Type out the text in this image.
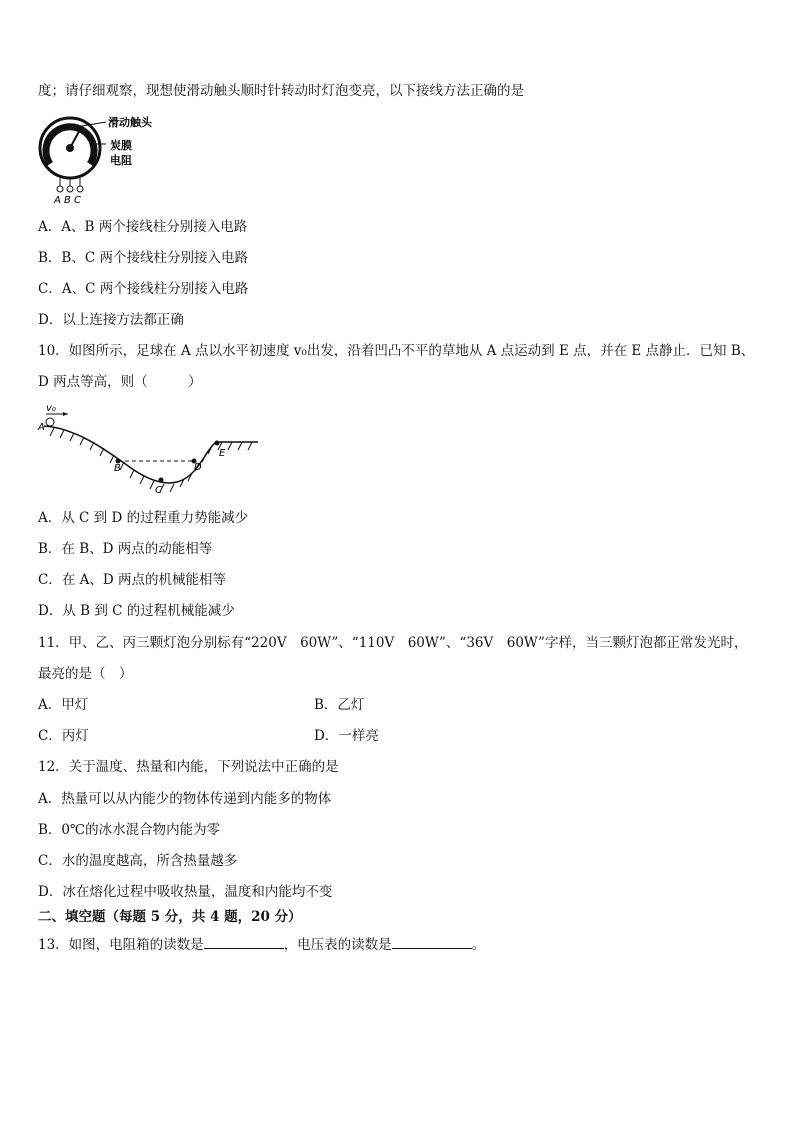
度；请仔细观察，现想使滑动触头顺时针转动时灯泡变亮，以下接线方法正确的是
滑动触头
炭膜
电阻
A B C
A．A、B 两个接线柱分别接入电路
B．B、C 两个接线柱分别接入电路
C．A、C 两个接线柱分别接入电路
D．以上连接方法都正确
10．如图所示，足球在 A 点以水平初速度 v₀出发，沿着凹凸不平的草地从 A 点运动到 E 点，并在 E 点静止．已知 B、
D 两点等高，则（　　　）
v₀
A
B
C
D
E
A．从 C 到 D 的过程重力势能减少
B．在 B、D 两点的动能相等
C．在 A、D 两点的机械能相等
D．从 B 到 C 的过程机械能减少
11．甲、乙、丙三颗灯泡分别标有“220V　60W”、“110V　60W”、“36V　60W”字样，当三颗灯泡都正常发光时，
最亮的是（　）
A．甲灯	B．乙灯
C．丙灯	D．一样亮
12．关于温度、热量和内能，下列说法中正确的是
A．热量可以从内能少的物体传递到内能多的物体
B．0℃的冰水混合物内能为零
C．水的温度越高，所含热量越多
D．冰在熔化过程中吸收热量，温度和内能均不变
二、填空题（每题 5 分，共 4 题，20 分）
13．如图，电阻箱的读数是	，电压表的读数是	。
